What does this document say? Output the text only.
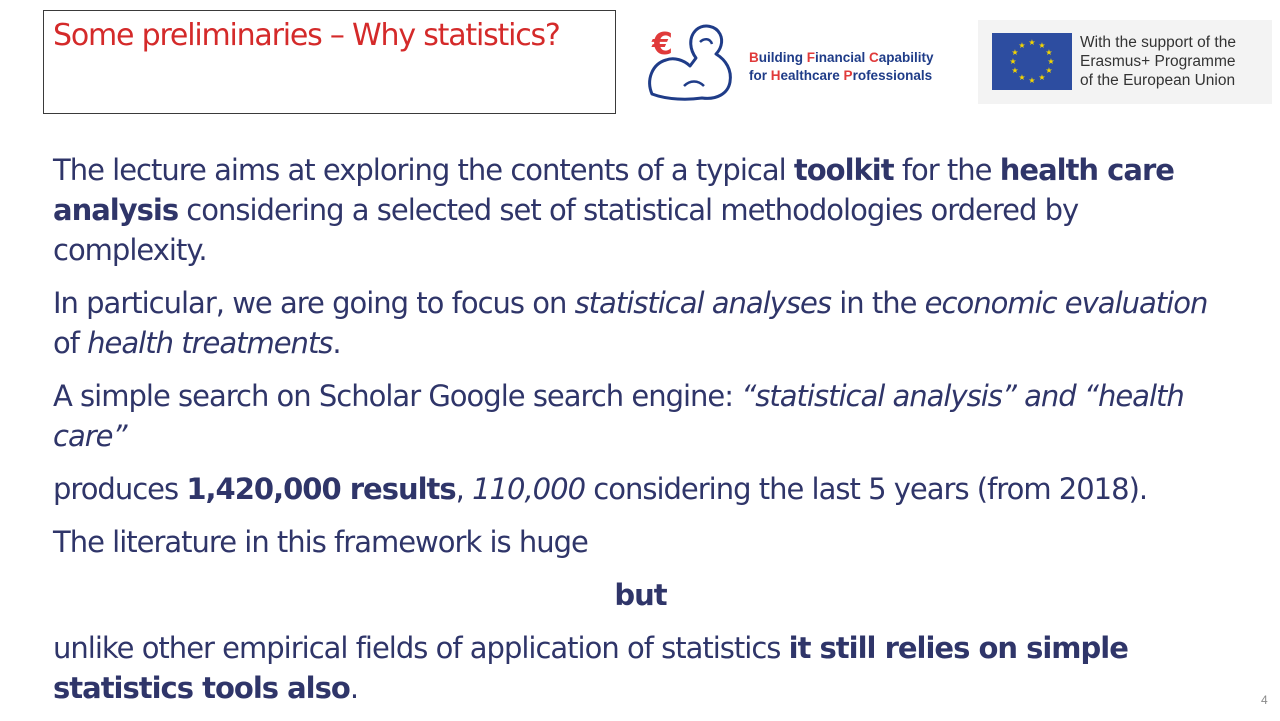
Some preliminaries – Why statistics?	€	Building Financial Capability
for Healthcare Professionals
★ ★
★
★
★
★
★
★
★
★
★
★	With the support of the
Erasmus+ Programme
of the European Union

The lecture aims at exploring the contents of a typical toolkit for the health care analysis considering a selected set of statistical methodologies ordered by complexity.

In particular, we are going to focus on statistical analyses in the economic evaluation of health treatments.

A simple search on Scholar Google search engine: “statistical analysis” and “health care”

produces 1,420,000 results, 110,000 considering the last 5 years (from 2018).

The literature in this framework is huge

but

unlike other empirical fields of application of statistics it still relies on simple statistics tools also.	4
